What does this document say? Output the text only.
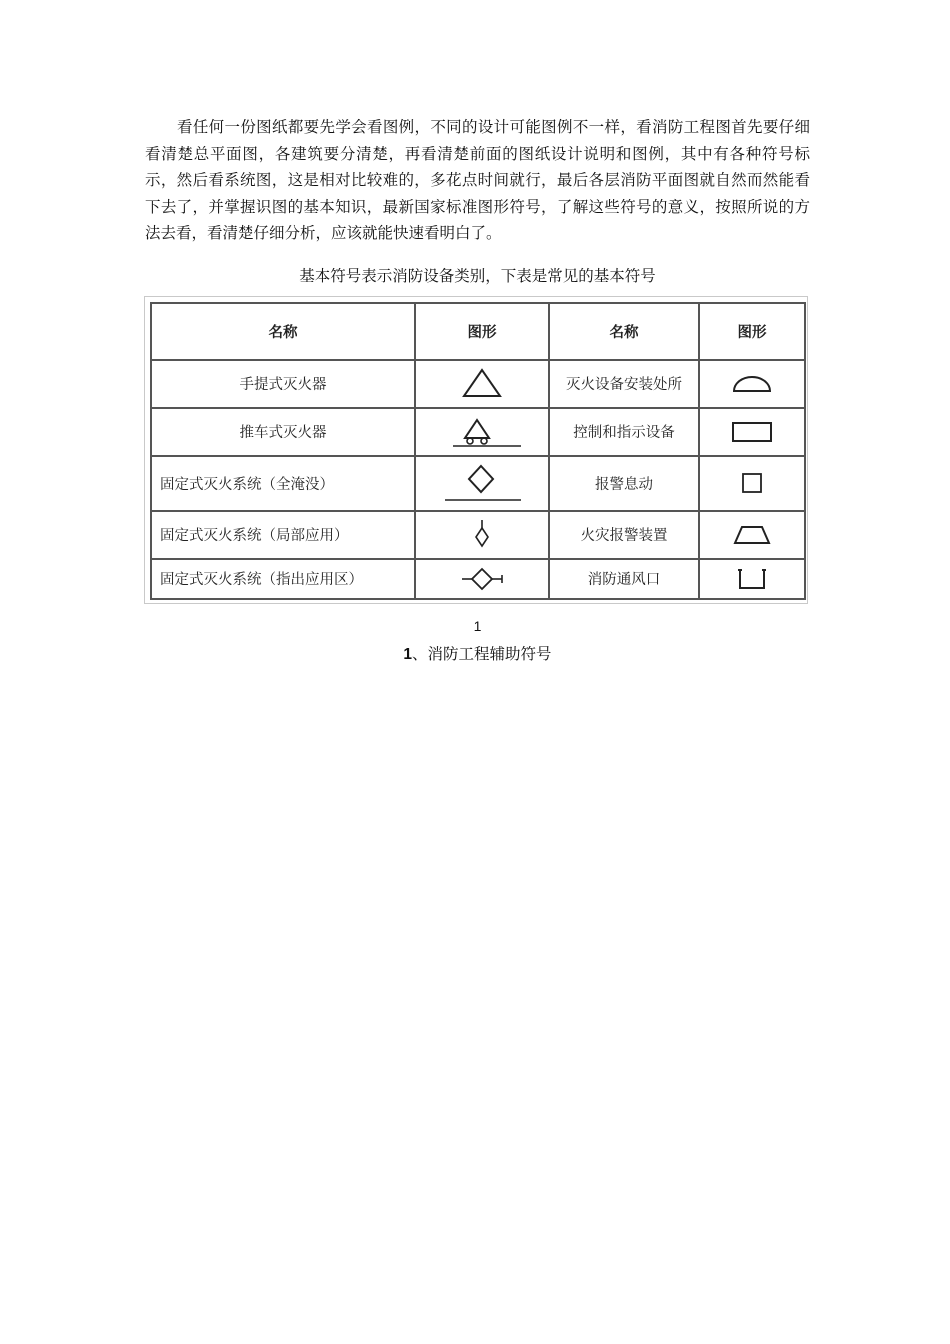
看任何一份图纸都要先学会看图例，不同的设计可能图例不一样，看消防工程图首先要仔细看清楚总平面图，各建筑要分清楚，再看清楚前面的图纸设计说明和图例，其中有各种符号标示，然后看系统图，这是相对比较难的，多花点时间就行，最后各层消防平面图就自然而然能看下去了，并掌握识图的基本知识，最新国家标准图形符号，了解这些符号的意义，按照所说的方法去看，看清楚仔细分析，应该就能快速看明白了。

基本符号表示消防设备类别，下表是常见的基本符号
名称	图形	名称	图形
手提式灭火器		灭火设备安装处所	

推车式灭火器		控制和指示设备	

固定式灭火系统（全淹没）		报警息动	

固定式灭火系统（局部应用）		火灾报警装置	

固定式灭火系统（指出应用区）		消防通风口	
1
1、消防工程辅助符号
